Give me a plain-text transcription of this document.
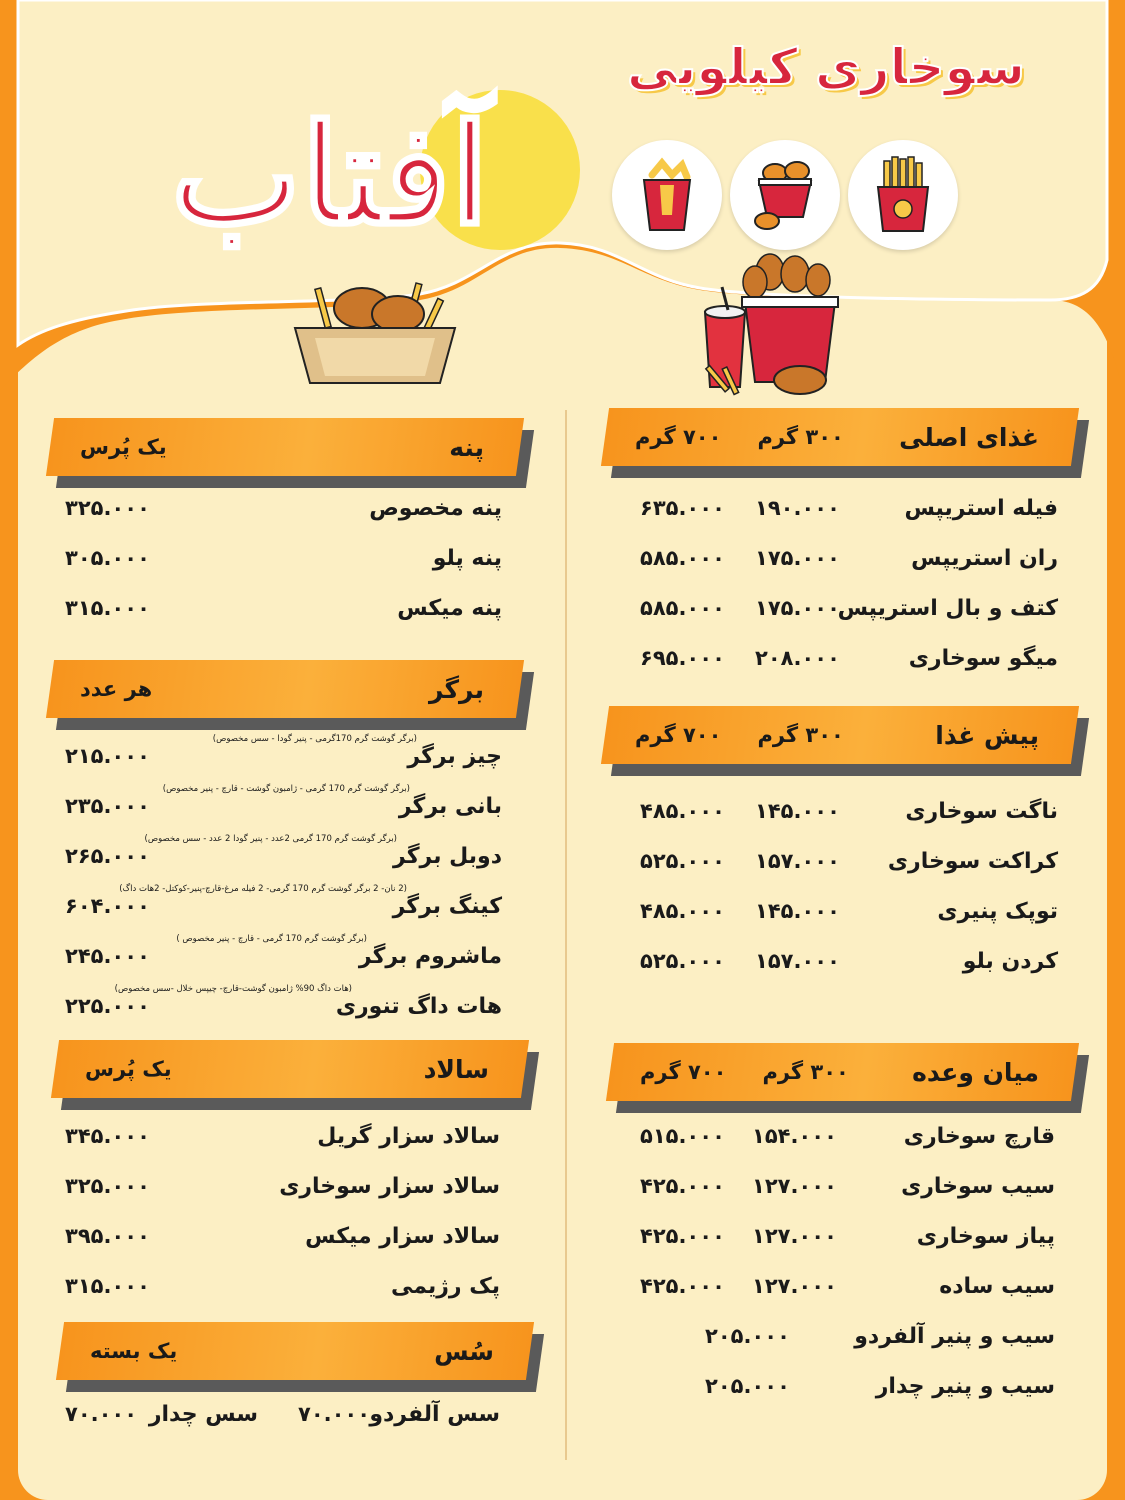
سوخاری کیلویی
آفتاب
غذای اصلی
۳۰۰ گرم
۷۰۰ گرم
فیله استریپس
۱۹۰.۰۰۰
۶۳۵.۰۰۰
ران استریپس
۱۷۵.۰۰۰
۵۸۵.۰۰۰
کتف و بال استریپس
۱۷۵.۰۰۰
۵۸۵.۰۰۰
میگو سوخاری
۲۰۸.۰۰۰
۶۹۵.۰۰۰
پیش غذا
۳۰۰ گرم
۷۰۰ گرم
ناگت سوخاری
۱۴۵.۰۰۰
۴۸۵.۰۰۰
کراکت سوخاری
۱۵۷.۰۰۰
۵۲۵.۰۰۰
توپک پنیری
۱۴۵.۰۰۰
۴۸۵.۰۰۰
کردن بلو
۱۵۷.۰۰۰
۵۲۵.۰۰۰
میان وعده
۳۰۰ گرم
۷۰۰ گرم
قارچ سوخاری
۱۵۴.۰۰۰
۵۱۵.۰۰۰
سیب سوخاری
۱۲۷.۰۰۰
۴۲۵.۰۰۰
پیاز سوخاری
۱۲۷.۰۰۰
۴۲۵.۰۰۰
سیب ساده
۱۲۷.۰۰۰
۴۲۵.۰۰۰
سیب و پنیر آلفردو
۲۰۵.۰۰۰
سیب و پنیر چدار
۲۰۵.۰۰۰
پنه
یک پُرس
پنه مخصوص
۳۲۵.۰۰۰
پنه پلو
۳۰۵.۰۰۰
پنه میکس
۳۱۵.۰۰۰
برگر
هر عدد
چیز برگر
(برگر گوشت گرم 170گرمی - پنیر گودا - سس مخصوص)
۲۱۵.۰۰۰
بانی برگر
(برگر گوشت گرم 170 گرمی - ژامبون گوشت - قارچ - پنیر مخصوص)
۲۳۵.۰۰۰
دوبل برگر
(برگر گوشت گرم 170 گرمی 2عدد - پنیر گودا 2 عدد - سس مخصوص)
۲۶۵.۰۰۰
کینگ برگر
(2 نان- 2 برگر گوشت گرم 170 گرمی- 2 فیله مرغ-قارچ-پنیر-کوکتل- 2هات داگ)
۶۰۴.۰۰۰
ماشروم برگر
(برگر گوشت گرم 170 گرمی - قارچ - پنیر مخصوص )
۲۴۵.۰۰۰
هات داگ تنوری
(هات داگ 90% ژامبون گوشت-قارچ- چیپس خلال -سس مخصوص)
۲۲۵.۰۰۰
سالاد
یک پُرس
سالاد سزار گریل
۳۴۵.۰۰۰
سالاد سزار سوخاری
۳۲۵.۰۰۰
سالاد سزار میکس
۳۹۵.۰۰۰
پک رژیمی
۳۱۵.۰۰۰
سُس
یک بسته
سس آلفردو
۷۰.۰۰۰
سس چدار
۷۰.۰۰۰
